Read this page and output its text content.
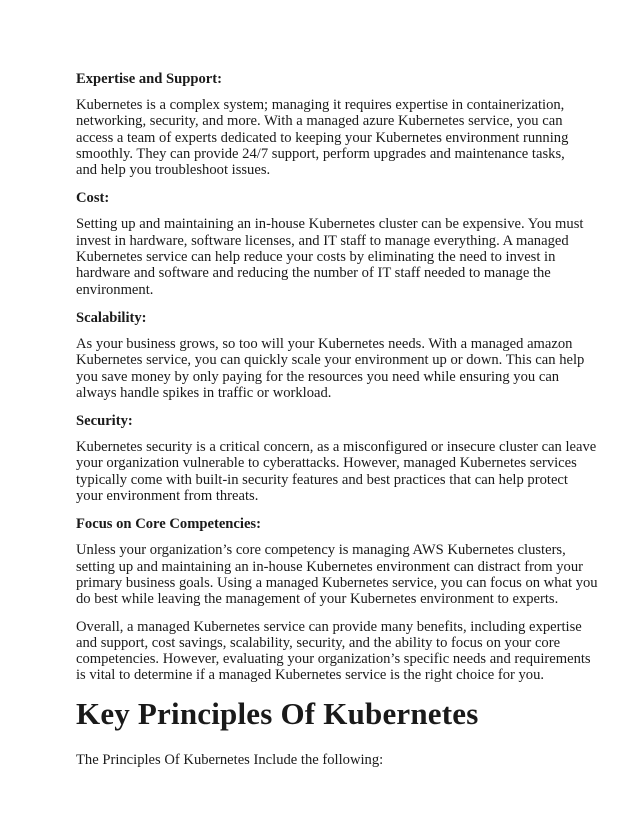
Expertise and Support:
Kubernetes is a complex system; managing it requires expertise in containerization,
networking, security, and more. With a managed azure Kubernetes service, you can
access a team of experts dedicated to keeping your Kubernetes environment running
smoothly. They can provide 24/7 support, perform upgrades and maintenance tasks,
and help you troubleshoot issues.
Cost:
Setting up and maintaining an in-house Kubernetes cluster can be expensive. You must
invest in hardware, software licenses, and IT staff to manage everything. A managed
Kubernetes service can help reduce your costs by eliminating the need to invest in
hardware and software and reducing the number of IT staff needed to manage the
environment.
Scalability:
As your business grows, so too will your Kubernetes needs. With a managed amazon
Kubernetes service, you can quickly scale your environment up or down. This can help
you save money by only paying for the resources you need while ensuring you can
always handle spikes in traffic or workload.
Security:
Kubernetes security is a critical concern, as a misconfigured or insecure cluster can leave
your organization vulnerable to cyberattacks. However, managed Kubernetes services
typically come with built-in security features and best practices that can help protect
your environment from threats.
Focus on Core Competencies:
Unless your organization’s core competency is managing AWS Kubernetes clusters,
setting up and maintaining an in-house Kubernetes environment can distract from your
primary business goals. Using a managed Kubernetes service, you can focus on what you
do best while leaving the management of your Kubernetes environment to experts.
Overall, a managed Kubernetes service can provide many benefits, including expertise
and support, cost savings, scalability, security, and the ability to focus on your core
competencies. However, evaluating your organization’s specific needs and requirements
is vital to determine if a managed Kubernetes service is the right choice for you.
Key Principles Of Kubernetes
The Principles Of Kubernetes Include the following:
